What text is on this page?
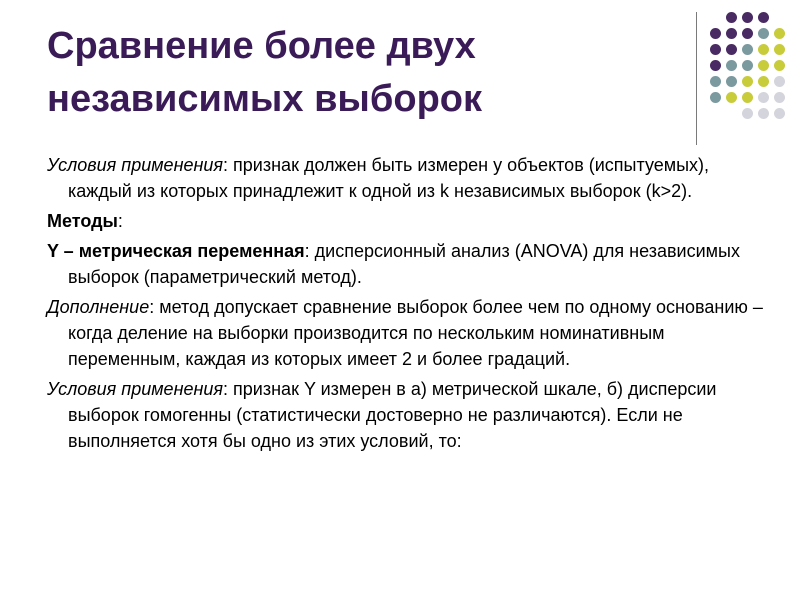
Сравнение более двух
независимых выборок

Условия применения: признак должен быть измерен у объектов (испытуемых), каждый из которых принадлежит к одной из k независимых выборок (k>2).

Методы:

Y – метрическая переменная: дисперсионный анализ (ANOVA) для независимых выборок (параметрический метод).

Дополнение: метод допускает сравнение выборок более чем по одному основанию – когда деление на выборки производится по нескольким номинативным переменным, каждая из которых имеет 2 и более градаций.

Условия применения: признак Y измерен в а) метрической шкале, б) дисперсии выборок гомогенны (статистически достоверно не различаются). Если не выполняется хотя бы одно из этих условий, то:
